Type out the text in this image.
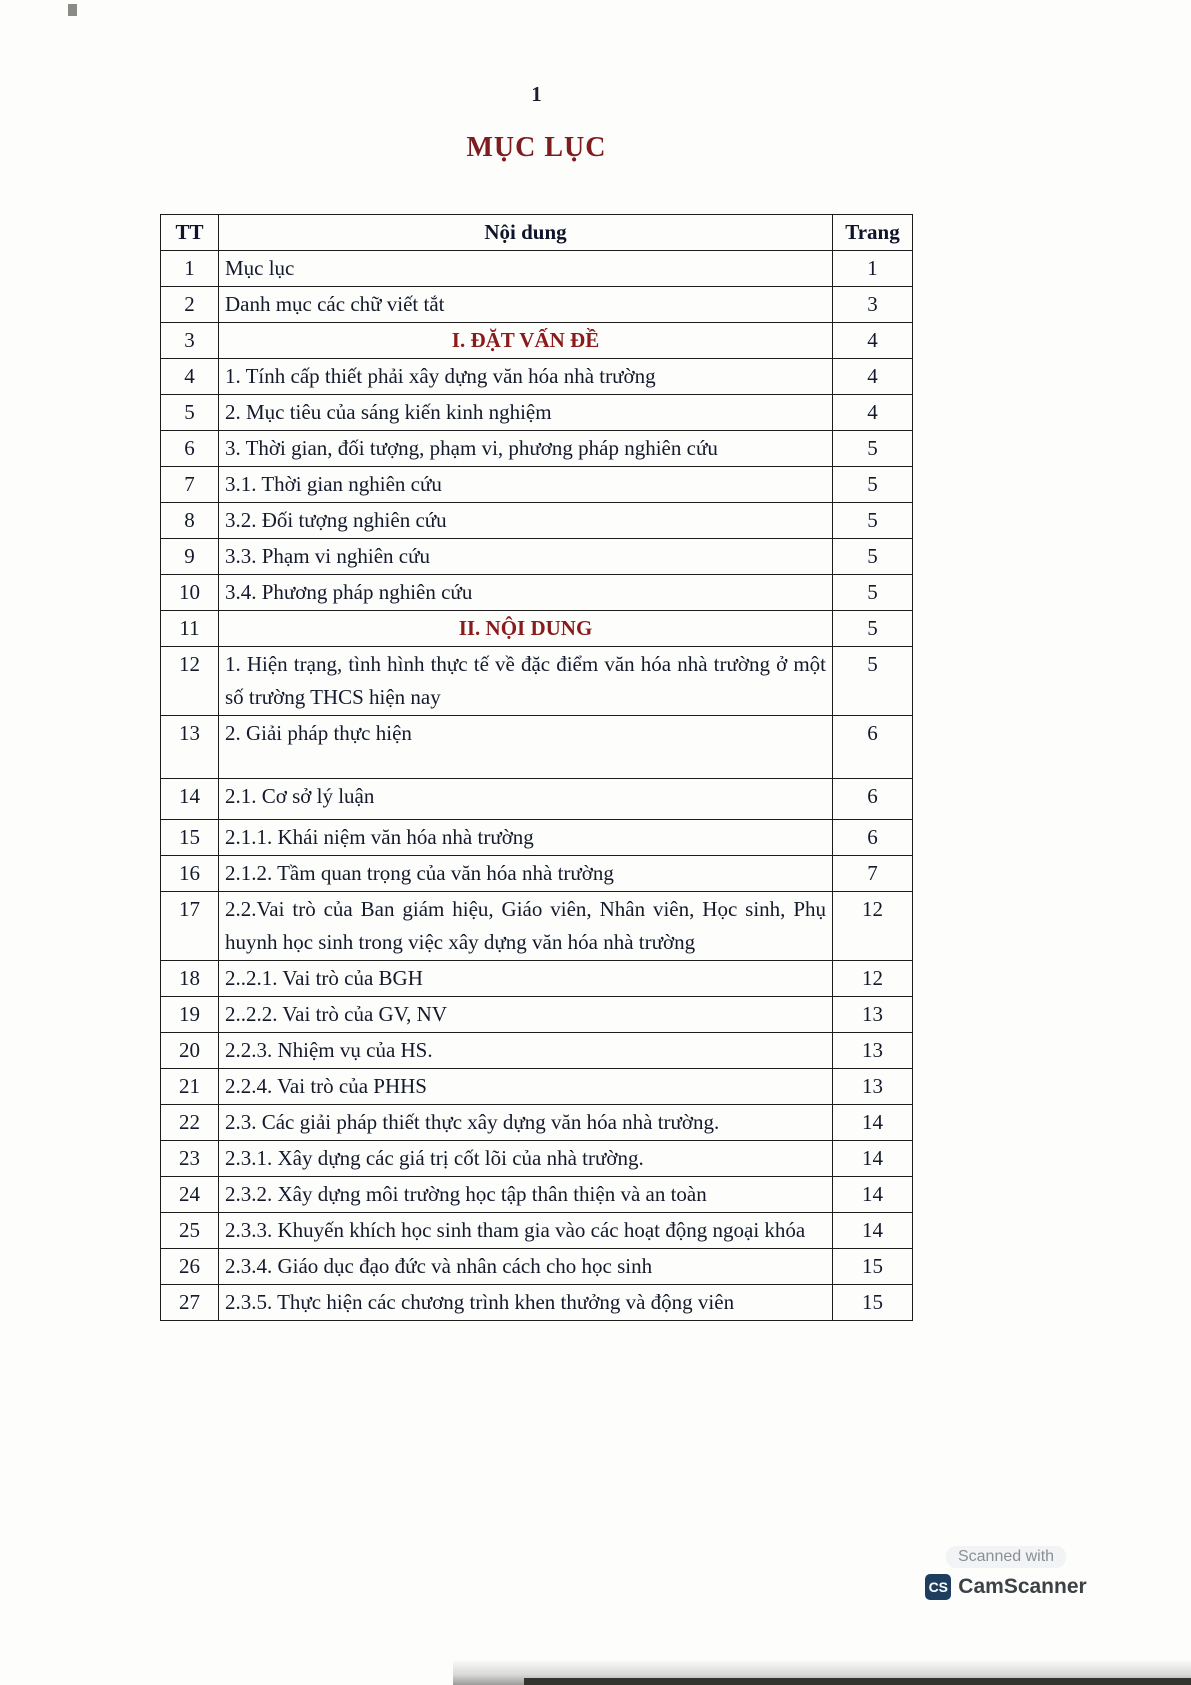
1
MỤC LỤC
TT	Nội dung	Trang
1	Mục lục	1
2	Danh mục các chữ viết tắt	3
3	I. ĐẶT VẤN ĐỀ	4
4	1. Tính cấp thiết phải xây dựng văn hóa nhà trường	4
5	2. Mục tiêu của sáng kiến kinh nghiệm	4
6	3. Thời gian, đối tượng, phạm vi, phương pháp nghiên cứu	5
7	3.1. Thời gian nghiên cứu	5
8	3.2. Đối tượng nghiên cứu	5
9	3.3. Phạm vi nghiên cứu	5
10	3.4. Phương pháp nghiên cứu	5
11	II. NỘI DUNG	5
12	1. Hiện trạng, tình hình thực tế về đặc điểm văn hóa nhà trường ở một số trường THCS hiện nay	5
13	2. Giải pháp thực hiện	6
14	2.1. Cơ sở lý luận	6
15	2.1.1. Khái niệm văn hóa nhà trường	6
16	2.1.2. Tầm quan trọng của văn hóa nhà trường	7
17	2.2.Vai trò của Ban giám hiệu, Giáo viên, Nhân viên, Học sinh, Phụ huynh học sinh trong việc xây dựng văn hóa nhà trường	12
18	2..2.1. Vai trò của BGH	12
19	2..2.2. Vai trò của GV, NV	13
20	2.2.3. Nhiệm vụ của HS.	13
21	2.2.4. Vai trò của PHHS	13
22	2.3. Các giải pháp thiết thực xây dựng văn hóa nhà trường.	14
23	2.3.1. Xây dựng các giá trị cốt lõi của nhà trường.	14
24	2.3.2. Xây dựng môi trường học tập thân thiện và an toàn	14
25	2.3.3. Khuyến khích học sinh tham gia vào các hoạt động ngoại khóa	14
26	2.3.4. Giáo dục đạo đức và nhân cách cho học sinh	15
27	2.3.5. Thực hiện các chương trình khen thưởng và động viên	15
Scanned with
CS CamScanner
